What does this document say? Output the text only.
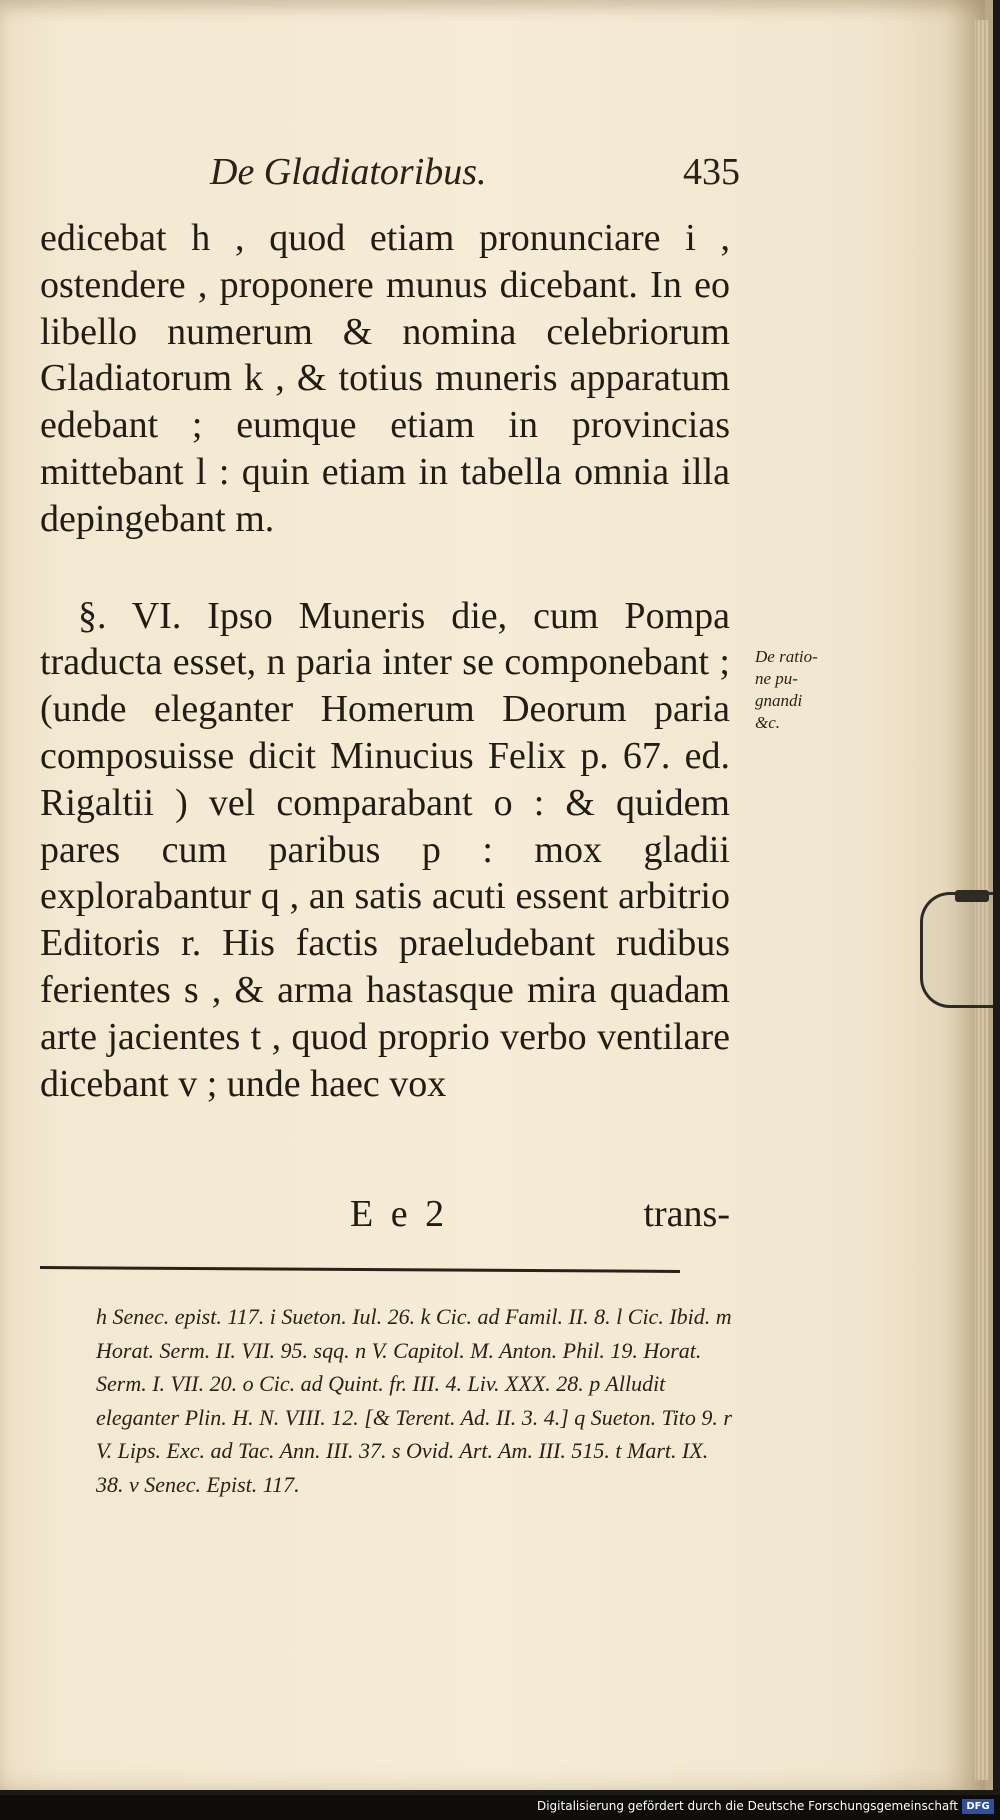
De Gladiatoribus.	435

edicebat h , quod etiam pronunciare i , ostendere , proponere munus dicebant. In eo libello numerum & nomina celebriorum Gladiatorum k , & totius muneris apparatum edebant ; eumque etiam in provincias mittebant l : quin etiam in tabella omnia illa depingebant m.

§. VI. Ipso Muneris die, cum Pompa traducta esset, n paria inter se componebant ; (unde eleganter Homerum Deorum paria composuisse dicit Minucius Felix p. 67. ed. Rigaltii ) vel comparabant o : & quidem pares cum paribus p : mox gladii explorabantur q , an satis acuti essent arbitrio Editoris r. His factis praeludebant rudibus ferientes s , & arma hastasque mira quadam arte jacientes t , quod proprio verbo ventilare dicebant v ; unde haec vox

De ratio-
ne pu-
gnandi
&c.
E e 2	trans-
h Senec. epist. 117. i Sueton. Iul. 26. k Cic. ad Famil. II. 8. l Cic. Ibid. m Horat. Serm. II. VII. 95. sqq. n V. Capitol. M. Anton. Phil. 19. Horat. Serm. I. VII. 20. o Cic. ad Quint. fr. III. 4. Liv. XXX. 28. p Alludit eleganter Plin. H. N. VIII. 12. [& Terent. Ad. II. 3. 4.] q Sueton. Tito 9. r V. Lips. Exc. ad Tac. Ann. III. 37. s Ovid. Art. Am. III. 515. t Mart. IX. 38. v Senec. Epist. 117.
Digitalisierung gefördert durch die Deutsche Forschungsgemeinschaft DFG
